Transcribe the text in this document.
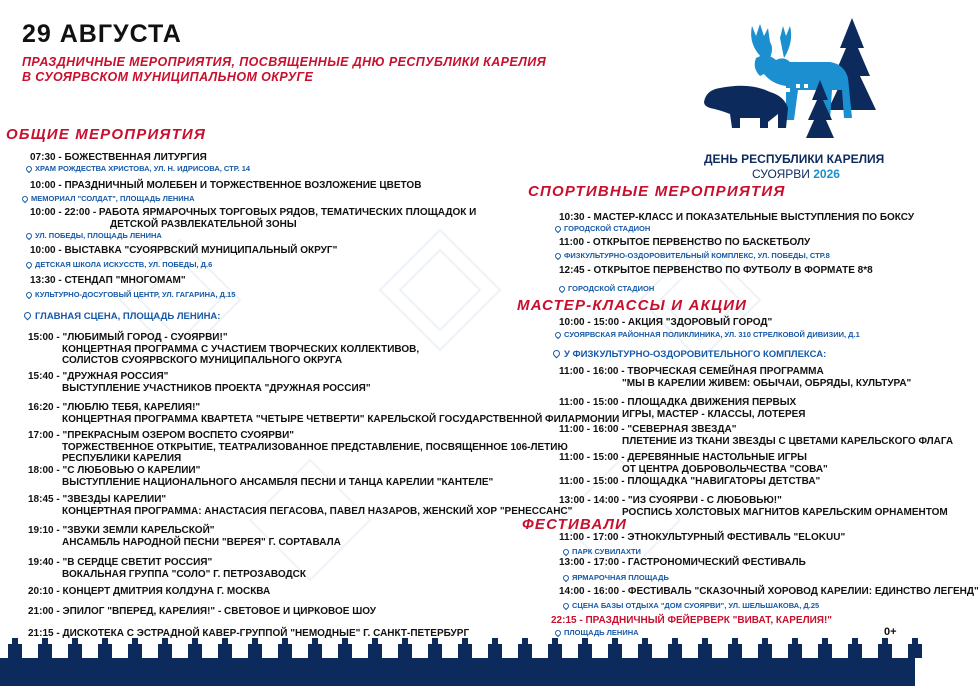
29 АВГУСТА
ПРАЗДНИЧНЫЕ МЕРОПРИЯТИЯ, ПОСВЯЩЕННЫЕ ДНЮ РЕСПУБЛИКИ КАРЕЛИЯ
В СУОЯРВСКОМ МУНИЦИПАЛЬНОМ ОКРУГЕ
ДЕНЬ РЕСПУБЛИКИ КАРЕЛИЯ
СУОЯРВИ 2026
ОБЩИЕ МЕРОПРИЯТИЯ
07:30 - БОЖЕСТВЕННАЯ ЛИТУРГИЯ
ХРАМ РОЖДЕСТВА ХРИСТОВА, УЛ. Н. ИДРИСОВА, СТР. 14
10:00 - ПРАЗДНИЧНЫЙ МОЛЕБЕН И ТОРЖЕСТВЕННОЕ ВОЗЛОЖЕНИЕ ЦВЕТОВ
МЕМОРИАЛ "СОЛДАТ", ПЛОЩАДЬ ЛЕНИНА
10:00 - 22:00 - РАБОТА ЯРМАРОЧНЫХ ТОРГОВЫХ РЯДОВ, ТЕМАТИЧЕСКИХ ПЛОЩАДОК И
ДЕТСКОЙ РАЗВЛЕКАТЕЛЬНОЙ ЗОНЫ
УЛ. ПОБЕДЫ, ПЛОЩАДЬ ЛЕНИНА
10:00 - ВЫСТАВКА "СУОЯРВСКИЙ МУНИЦИПАЛЬНЫЙ ОКРУГ"
ДЕТСКАЯ ШКОЛА ИСКУССТВ, УЛ. ПОБЕДЫ, Д.6
13:30 - СТЕНДАП "МНОГОМАМ"
КУЛЬТУРНО-ДОСУГОВЫЙ ЦЕНТР, УЛ. ГАГАРИНА, Д.15
ГЛАВНАЯ СЦЕНА, ПЛОЩАДЬ ЛЕНИНА:
15:00 - "ЛЮБИМЫЙ ГОРОД - СУОЯРВИ!"

КОНЦЕРТНАЯ ПРОГРАММА С УЧАСТИЕМ ТВОРЧЕСКИХ КОЛЛЕКТИВОВ,
СОЛИСТОВ СУОЯРВСКОГО МУНИЦИПАЛЬНОГО ОКРУГА
15:40 - "ДРУЖНАЯ РОССИЯ"

ВЫСТУПЛЕНИЕ УЧАСТНИКОВ ПРОЕКТА "ДРУЖНАЯ РОССИЯ"
16:20 - "ЛЮБЛЮ ТЕБЯ, КАРЕЛИЯ!"

КОНЦЕРТНАЯ ПРОГРАММА КВАРТЕТА "ЧЕТЫРЕ ЧЕТВЕРТИ" КАРЕЛЬСКОЙ ГОСУДАРСТВЕННОЙ ФИЛАРМОНИИ
17:00 - "ПРЕКРАСНЫМ ОЗЕРОМ ВОСПЕТО СУОЯРВИ"

ТОРЖЕСТВЕННОЕ ОТКРЫТИЕ, ТЕАТРАЛИЗОВАННОЕ ПРЕДСТАВЛЕНИЕ, ПОСВЯЩЕННОЕ 106-ЛЕТИЮ
РЕСПУБЛИКИ КАРЕЛИЯ
18:00 - "С ЛЮБОВЬЮ О КАРЕЛИИ"

ВЫСТУПЛЕНИЕ НАЦИОНАЛЬНОГО АНСАМБЛЯ ПЕСНИ И ТАНЦА КАРЕЛИИ "КАНТЕЛЕ"
18:45 - "ЗВЕЗДЫ КАРЕЛИИ"

КОНЦЕРТНАЯ ПРОГРАММА: АНАСТАСИЯ ПЕГАСОВА, ПАВЕЛ НАЗАРОВ, ЖЕНСКИЙ ХОР "РЕНЕССАНС"
19:10 - "ЗВУКИ ЗЕМЛИ КАРЕЛЬСКОЙ"

АНСАМБЛЬ НАРОДНОЙ ПЕСНИ "ВЕРЕЯ" Г. СОРТАВАЛА
19:40 - "В СЕРДЦЕ СВЕТИТ РОССИЯ"

ВОКАЛЬНАЯ ГРУППА "СОЛО" Г. ПЕТРОЗАВОДСК
20:10 - КОНЦЕРТ ДМИТРИЯ КОЛДУНА Г. МОСКВА
21:00 - ЭПИЛОГ "ВПЕРЕД, КАРЕЛИЯ!" - СВЕТОВОЕ И ЦИРКОВОЕ ШОУ
21:15 - ДИСКОТЕКА С ЭСТРАДНОЙ КАВЕР-ГРУППОЙ "НЕМОДНЫЕ" Г. САНКТ-ПЕТЕРБУРГ
СПОРТИВНЫЕ МЕРОПРИЯТИЯ
10:30 - МАСТЕР-КЛАСС И ПОКАЗАТЕЛЬНЫЕ ВЫСТУПЛЕНИЯ ПО БОКСУ
ГОРОДСКОЙ СТАДИОН
11:00 - ОТКРЫТОЕ ПЕРВЕНСТВО ПО БАСКЕТБОЛУ
ФИЗКУЛЬТУРНО-ОЗДОРОВИТЕЛЬНЫЙ КОМПЛЕКС, УЛ. ПОБЕДЫ, СТР.8
12:45 - ОТКРЫТОЕ ПЕРВЕНСТВО ПО ФУТБОЛУ В ФОРМАТЕ 8*8
ГОРОДСКОЙ СТАДИОН
МАСТЕР-КЛАССЫ И АКЦИИ
10:00 - 15:00 - АКЦИЯ "ЗДОРОВЫЙ ГОРОД"
СУОЯРВСКАЯ РАЙОННАЯ ПОЛИКЛИНИКА, УЛ. 310 СТРЕЛКОВОЙ ДИВИЗИИ, Д.1
У ФИЗКУЛЬТУРНО-ОЗДОРОВИТЕЛЬНОГО КОМПЛЕКСА:
11:00 - 16:00 - ТВОРЧЕСКАЯ СЕМЕЙНАЯ ПРОГРАММА
"МЫ В КАРЕЛИИ ЖИВЕМ: ОБЫЧАИ, ОБРЯДЫ, КУЛЬТУРА"
11:00 - 15:00 - ПЛОЩАДКА ДВИЖЕНИЯ ПЕРВЫХ
ИГРЫ, МАСТЕР - КЛАССЫ, ЛОТЕРЕЯ
11:00 - 16:00 - "СЕВЕРНАЯ ЗВЕЗДА"
ПЛЕТЕНИЕ ИЗ ТКАНИ ЗВЕЗДЫ С ЦВЕТАМИ КАРЕЛЬСКОГО ФЛАГА
11:00 - 15:00 - ДЕРЕВЯННЫЕ НАСТОЛЬНЫЕ ИГРЫ
ОТ ЦЕНТРА ДОБРОВОЛЬЧЕСТВА "СОВА"
11:00 - 15:00 - ПЛОЩАДКА "НАВИГАТОРЫ ДЕТСТВА"
13:00 - 14:00 - "ИЗ СУОЯРВИ - С ЛЮБОВЬЮ!"
РОСПИСЬ ХОЛСТОВЫХ МАГНИТОВ КАРЕЛЬСКИМ ОРНАМЕНТОМ
ФЕСТИВАЛИ
11:00 - 17:00 - ЭТНОКУЛЬТУРНЫЙ ФЕСТИВАЛЬ "ELOKUU"
ПАРК СУВИЛАХТИ
13:00 - 17:00 - ГАСТРОНОМИЧЕСКИЙ ФЕСТИВАЛЬ
ЯРМАРОЧНАЯ ПЛОЩАДЬ
14:00 - 16:00 - ФЕСТИВАЛЬ "СКАЗОЧНЫЙ ХОРОВОД КАРЕЛИИ: ЕДИНСТВО ЛЕГЕНД"
СЦЕНА БАЗЫ ОТДЫХА "ДОМ СУОЯРВИ", УЛ. ШЕЛЬШАКОВА, Д.25
22:15 - ПРАЗДНИЧНЫЙ ФЕЙЕРВЕРК "ВИВАТ, КАРЕЛИЯ!"
ПЛОЩАДЬ ЛЕНИНА	0+
